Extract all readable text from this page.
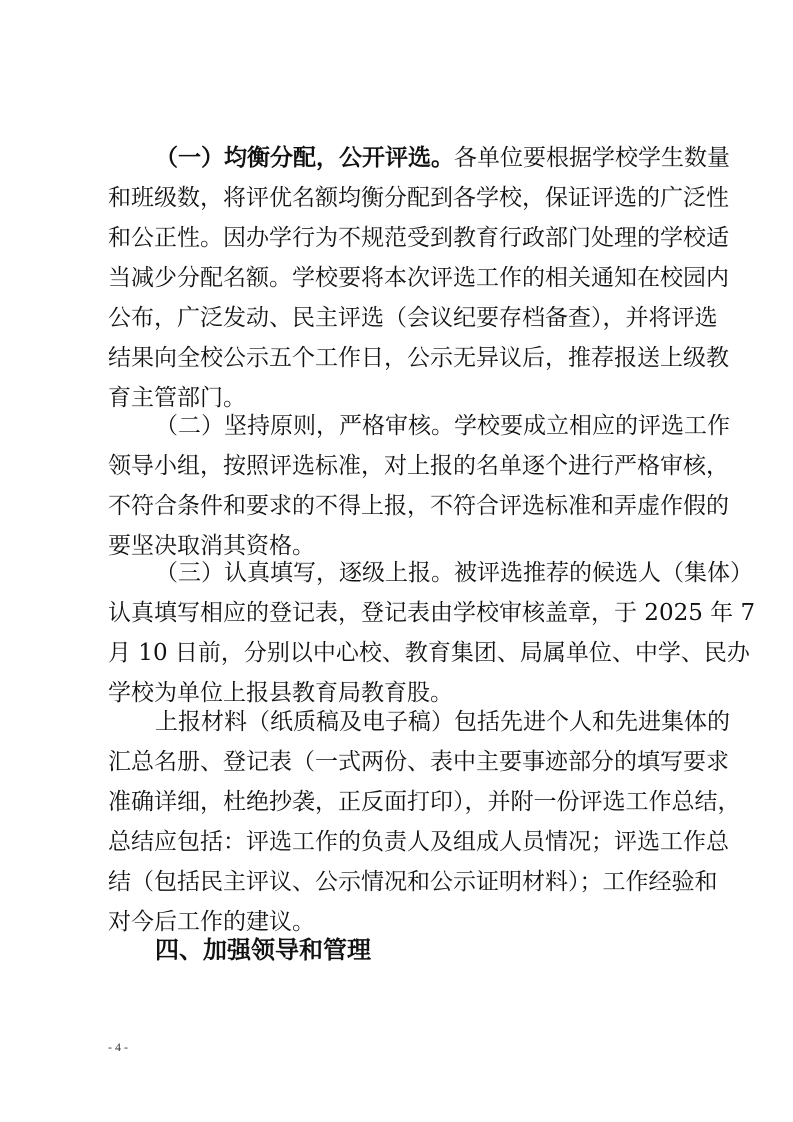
（一）均衡分配，公开评选。各单位要根据学校学生数量
和班级数，将评优名额均衡分配到各学校，保证评选的广泛性
和公正性。因办学行为不规范受到教育行政部门处理的学校适
当减少分配名额。学校要将本次评选工作的相关通知在校园内
公布，广泛发动、民主评选（会议纪要存档备查），并将评选
结果向全校公示五个工作日，公示无异议后，推荐报送上级教
育主管部门。
（二）坚持原则，严格审核。学校要成立相应的评选工作
领导小组，按照评选标准，对上报的名单逐个进行严格审核，
不符合条件和要求的不得上报，不符合评选标准和弄虚作假的
要坚决取消其资格。
（三）认真填写，逐级上报。被评选推荐的候选人（集体）
认真填写相应的登记表，登记表由学校审核盖章，于 2025 年 7
月 10 日前，分别以中心校、教育集团、局属单位、中学、民办
学校为单位上报县教育局教育股。
上报材料（纸质稿及电子稿）包括先进个人和先进集体的
汇总名册、登记表（一式两份、表中主要事迹部分的填写要求
准确详细，杜绝抄袭，正反面打印），并附一份评选工作总结，
总结应包括：评选工作的负责人及组成人员情况；评选工作总
结（包括民主评议、公示情况和公示证明材料）；工作经验和
对今后工作的建议。
四、加强领导和管理
- 4 -
